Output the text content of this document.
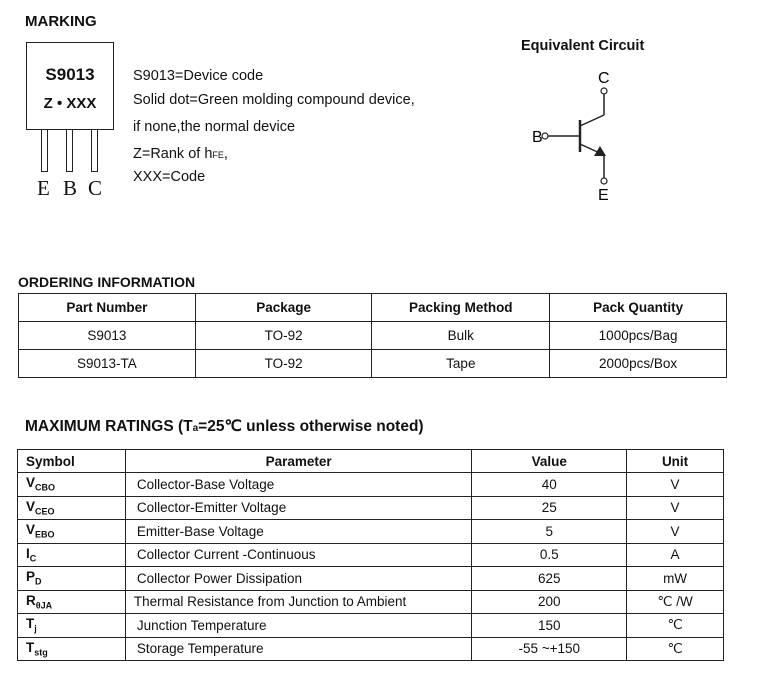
MARKING
S9013
Z • XXX
E B C
S9013=Device code
Solid dot=Green molding compound device,
if none,the normal device
Z=Rank of hFE,
XXX=Code
Equivalent Circuit
C
B
E
ORDERING INFORMATION
Part Number	Package	Packing Method	Pack Quantity
S9013	TO-92	Bulk	1000pcs/Bag
S9013-TA	TO-92	Tape	2000pcs/Box
MAXIMUM RATINGS (Ta=25℃ unless otherwise noted)
Symbol	Parameter	Value	Unit
$V_{CBO}$	Collector-Base Voltage	40	V
$V_{CEO}$	Collector-Emitter Voltage	25	V
$V_{EBO}$	Emitter-Base Voltage	5	V
$I_C$	Collector Current -Continuous	0.5	A
$P_D$	Collector Power Dissipation	625	mW
$R_{\theta JA}$	Thermal Resistance from Junction to Ambient	200	℃ /W
$T_j$	Junction Temperature	150	℃
$T_{stg}$	Storage Temperature	-55 ~+150	℃
